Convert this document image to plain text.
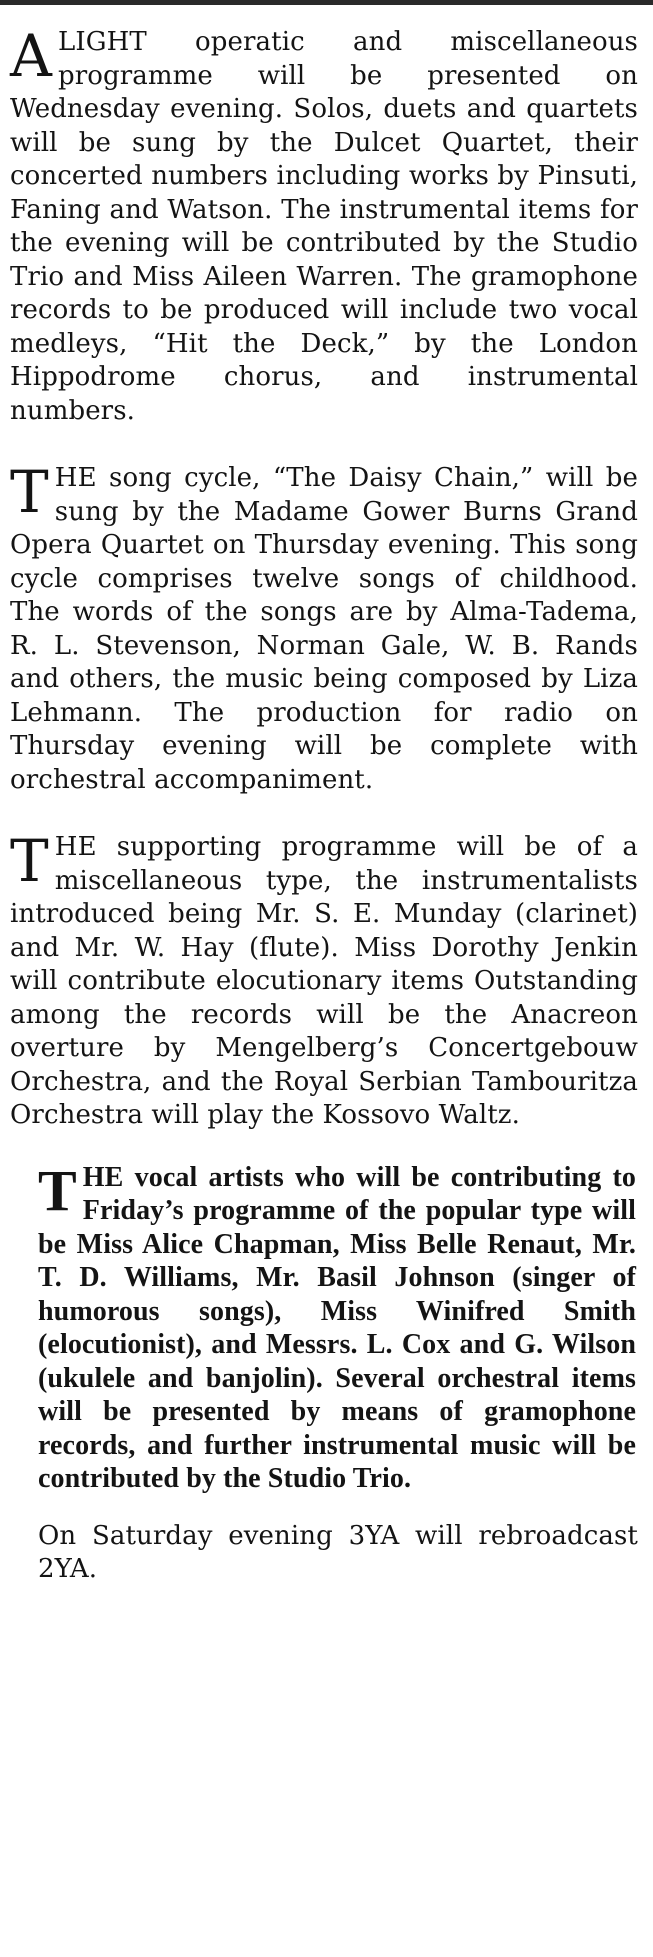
A LIGHT operatic and miscellaneous programme will be presented on Wednesday evening. Solos, duets and quartets will be sung by the Dulcet Quartet, their concerted numbers including works by Pinsuti, Faning and Watson. The instrumental items for the evening will be contributed by the Studio Trio and Miss Aileen Warren. The gramophone records to be produced will include two vocal medleys, “Hit the Deck,” by the London Hippodrome chorus, and instrumental numbers.

T HE song cycle, “The Daisy Chain,” will be sung by the Madame Gower Burns Grand Opera Quartet on Thursday evening. This song cycle comprises twelve songs of childhood. The words of the songs are by Alma-Tadema, R. L. Stevenson, Norman Gale, W. B. Rands and others, the music being composed by Liza Lehmann. The production for radio on Thursday evening will be complete with orchestral accompaniment.

T HE supporting programme will be of a miscellaneous type, the instrumentalists introduced being Mr. S. E. Munday (clarinet) and Mr. W. Hay (flute). Miss Dorothy Jenkin will contribute elocutionary items Outstanding among the records will be the Anacreon overture by Mengelberg’s Concertgebouw Orchestra, and the Royal Serbian Tambouritza Orchestra will play the Kossovo Waltz.

T HE vocal artists who will be contributing to Friday’s programme of the popular type will be Miss Alice Chapman, Miss Belle Renaut, Mr. T. D. Williams, Mr. Basil Johnson (singer of humorous songs), Miss Winifred Smith (elocutionist), and Messrs. L. Cox and G. Wilson (ukulele and banjolin). Several orchestral items will be presented by means of gramophone records, and further instrumental music will be contributed by the Studio Trio.

On Saturday evening 3YA will rebroadcast 2YA.
